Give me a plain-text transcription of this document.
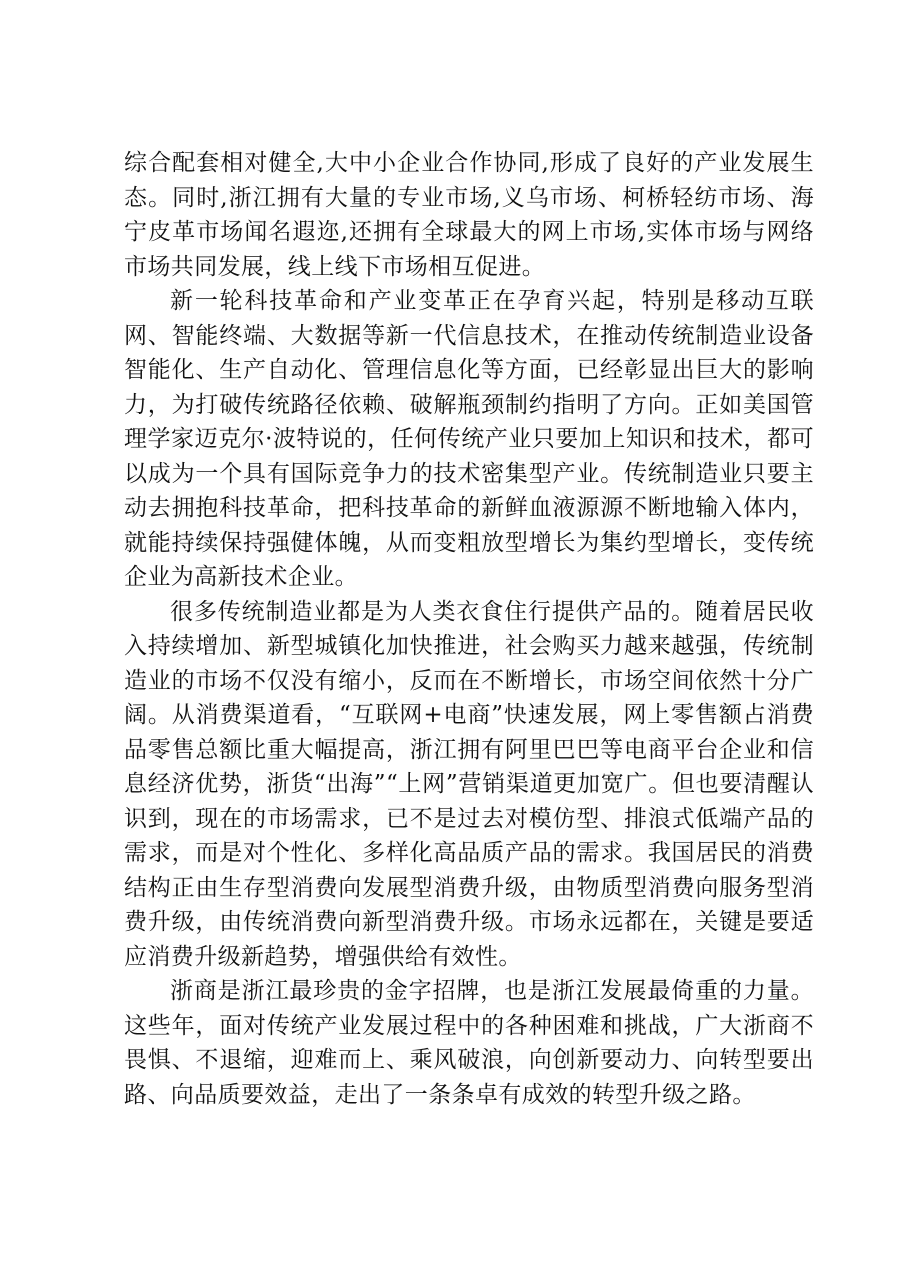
综合配套相对健全,大中小企业合作协同,形成了良好的产业发展生态。同时,浙江拥有大量的专业市场,义乌市场、柯桥轻纺市场、海宁皮革市场闻名遐迩,还拥有全球最大的网上市场,实体市场与网络市场共同发展，线上线下市场相互促进。

新一轮科技革命和产业变革正在孕育兴起，特别是移动互联网、智能终端、大数据等新一代信息技术，在推动传统制造业设备智能化、生产自动化、管理信息化等方面，已经彰显出巨大的影响力，为打破传统路径依赖、破解瓶颈制约指明了方向。正如美国管理学家迈克尔·波特说的，任何传统产业只要加上知识和技术，都可以成为一个具有国际竞争力的技术密集型产业。传统制造业只要主动去拥抱科技革命，把科技革命的新鲜血液源源不断地输入体内，就能持续保持强健体魄，从而变粗放型增长为集约型增长，变传统企业为高新技术企业。

很多传统制造业都是为人类衣食住行提供产品的。随着居民收入持续增加、新型城镇化加快推进，社会购买力越来越强，传统制造业的市场不仅没有缩小，反而在不断增长，市场空间依然十分广阔。从消费渠道看，“互联网+电商”快速发展，网上零售额占消费品零售总额比重大幅提高，浙江拥有阿里巴巴等电商平台企业和信息经济优势，浙货“出海”“上网”营销渠道更加宽广。但也要清醒认识到，现在的市场需求，已不是过去对模仿型、排浪式低端产品的需求，而是对个性化、多样化高品质产品的需求。我国居民的消费结构正由生存型消费向发展型消费升级，由物质型消费向服务型消费升级，由传统消费向新型消费升级。市场永远都在，关键是要适应消费升级新趋势，增强供给有效性。

浙商是浙江最珍贵的金字招牌，也是浙江发展最倚重的力量。这些年，面对传统产业发展过程中的各种困难和挑战，广大浙商不畏惧、不退缩，迎难而上、乘风破浪，向创新要动力、向转型要出路、向品质要效益，走出了一条条卓有成效的转型升级之路。
